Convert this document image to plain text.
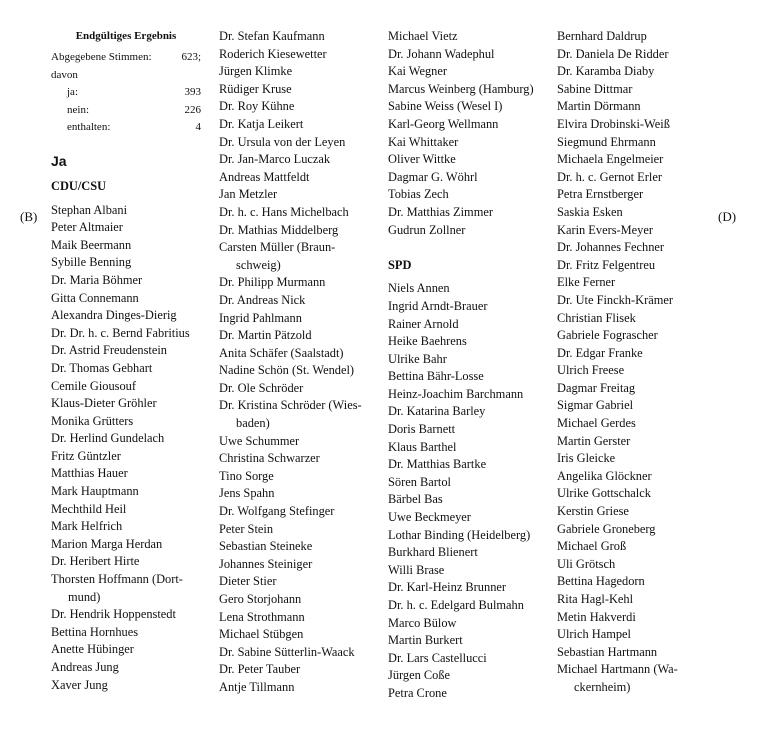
(B)	(D)
Endgültiges Ergebnis
Abgegebene Stimmen:	623;
davon
ja:	393
nein:	226
enthalten:	4
Ja
CDU/CSU
Stephan Albani
Peter Altmaier
Maik Beermann
Sybille Benning
Dr. Maria Böhmer
Gitta Connemann
Alexandra Dinges-Dierig
Dr. Dr. h. c. Bernd Fabritius
Dr. Astrid Freudenstein
Dr. Thomas Gebhart
Cemile Giousouf
Klaus-Dieter Gröhler
Monika Grütters
Dr. Herlind Gundelach
Fritz Güntzler
Matthias Hauer
Mark Hauptmann
Mechthild Heil
Mark Helfrich
Marion Marga Herdan
Dr. Heribert Hirte
Thorsten Hoffmann (Dort-
mund)
Dr. Hendrik Hoppenstedt
Bettina Hornhues
Anette Hübinger
Andreas Jung
Xaver Jung
Dr. Stefan Kaufmann
Roderich Kiesewetter
Jürgen Klimke
Rüdiger Kruse
Dr. Roy Kühne
Dr. Katja Leikert
Dr. Ursula von der Leyen
Dr. Jan-Marco Luczak
Andreas Mattfeldt
Jan Metzler
Dr. h. c. Hans Michelbach
Dr. Mathias Middelberg
Carsten Müller (Braun-
schweig)
Dr. Philipp Murmann
Dr. Andreas Nick
Ingrid Pahlmann
Dr. Martin Pätzold
Anita Schäfer (Saalstadt)
Nadine Schön (St. Wendel)
Dr. Ole Schröder
Dr. Kristina Schröder (Wies-
baden)
Uwe Schummer
Christina Schwarzer
Tino Sorge
Jens Spahn
Dr. Wolfgang Stefinger
Peter Stein
Sebastian Steineke
Johannes Steiniger
Dieter Stier
Gero Storjohann
Lena Strothmann
Michael Stübgen
Dr. Sabine Sütterlin-Waack
Dr. Peter Tauber
Antje Tillmann
Michael Vietz
Dr. Johann Wadephul
Kai Wegner
Marcus Weinberg (Hamburg)
Sabine Weiss (Wesel I)
Karl-Georg Wellmann
Kai Whittaker
Oliver Wittke
Dagmar G. Wöhrl
Tobias Zech
Dr. Matthias Zimmer
Gudrun Zollner
SPD
Niels Annen
Ingrid Arndt-Brauer
Rainer Arnold
Heike Baehrens
Ulrike Bahr
Bettina Bähr-Losse
Heinz-Joachim Barchmann
Dr. Katarina Barley
Doris Barnett
Klaus Barthel
Dr. Matthias Bartke
Sören Bartol
Bärbel Bas
Uwe Beckmeyer
Lothar Binding (Heidelberg)
Burkhard Blienert
Willi Brase
Dr. Karl-Heinz Brunner
Dr. h. c. Edelgard Bulmahn
Marco Bülow
Martin Burkert
Dr. Lars Castellucci
Jürgen Coße
Petra Crone
Bernhard Daldrup
Dr. Daniela De Ridder
Dr. Karamba Diaby
Sabine Dittmar
Martin Dörmann
Elvira Drobinski-Weiß
Siegmund Ehrmann
Michaela Engelmeier
Dr. h. c. Gernot Erler
Petra Ernstberger
Saskia Esken
Karin Evers-Meyer
Dr. Johannes Fechner
Dr. Fritz Felgentreu
Elke Ferner
Dr. Ute Finckh-Krämer
Christian Flisek
Gabriele Fograscher
Dr. Edgar Franke
Ulrich Freese
Dagmar Freitag
Sigmar Gabriel
Michael Gerdes
Martin Gerster
Iris Gleicke
Angelika Glöckner
Ulrike Gottschalck
Kerstin Griese
Gabriele Groneberg
Michael Groß
Uli Grötsch
Bettina Hagedorn
Rita Hagl-Kehl
Metin Hakverdi
Ulrich Hampel
Sebastian Hartmann
Michael Hartmann (Wa-
ckernheim)
